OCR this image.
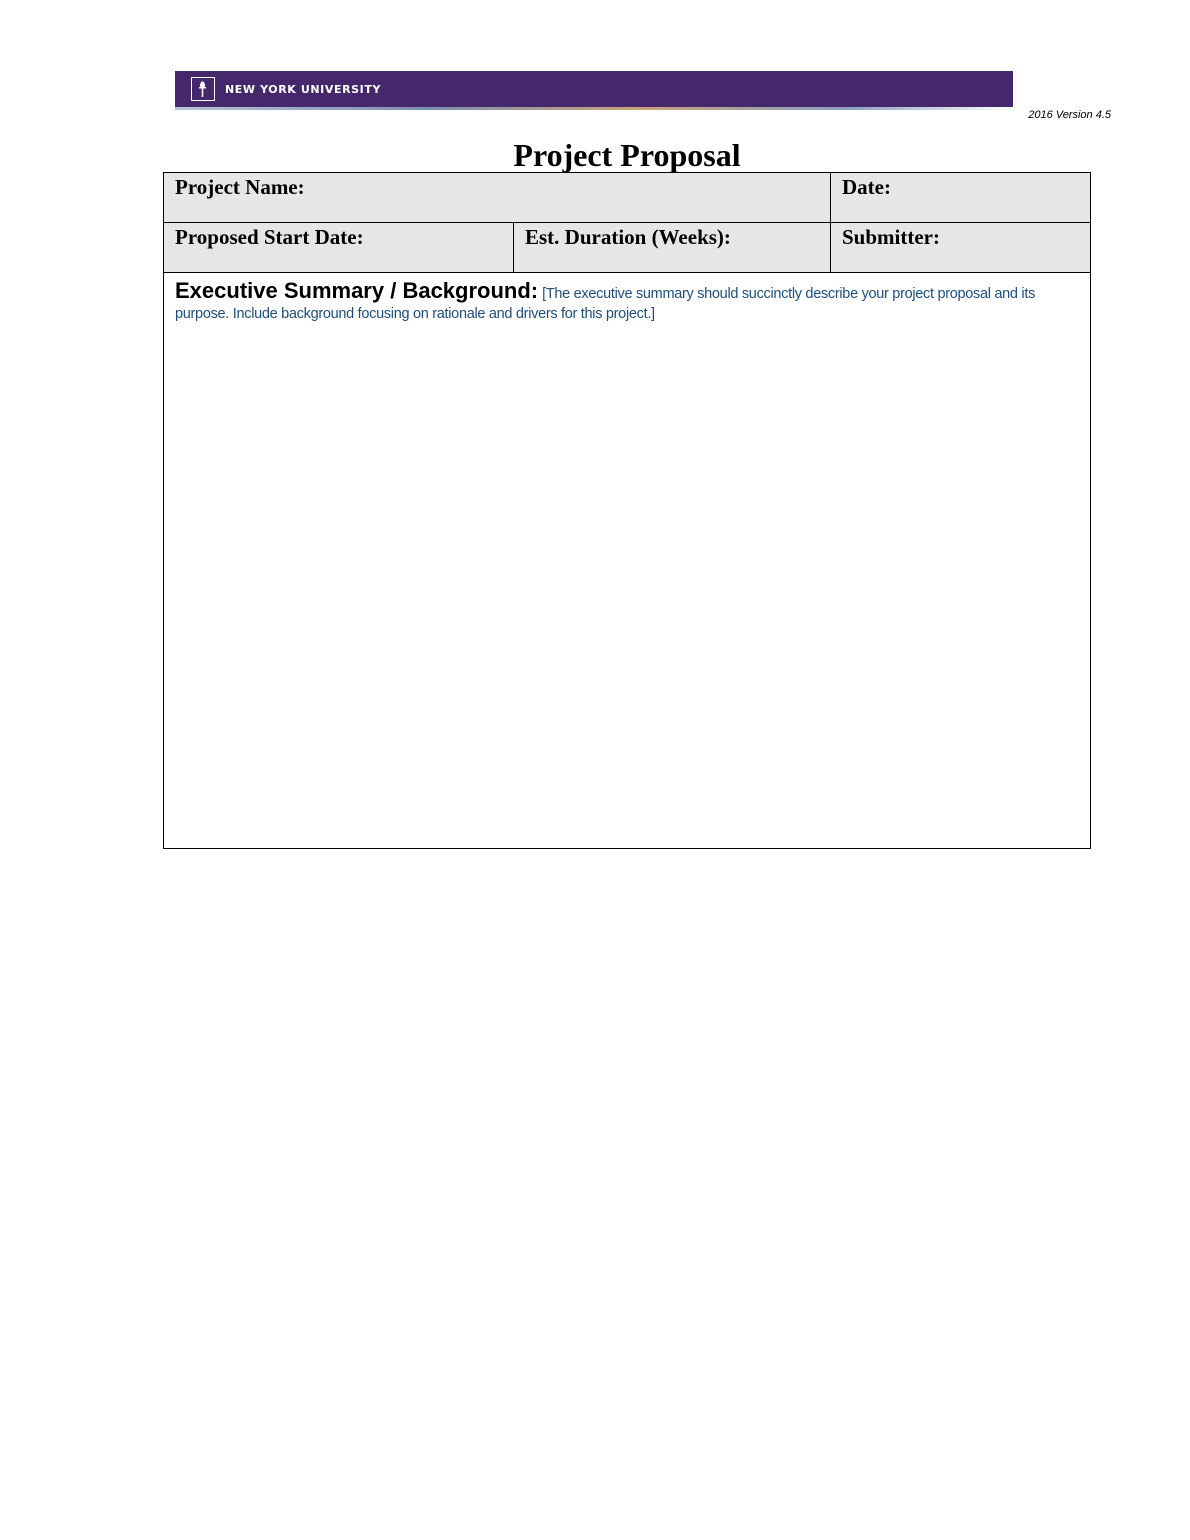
NEW YORK UNIVERSITY
2016 Version 4.5
Project Proposal
Project Name:	Date:
Proposed Start Date:	Est. Duration (Weeks):	Submitter:

Executive Summary / Background: [The executive summary should succinctly describe your project proposal and its purpose. Include background focusing on rationale and drivers for this project.]
